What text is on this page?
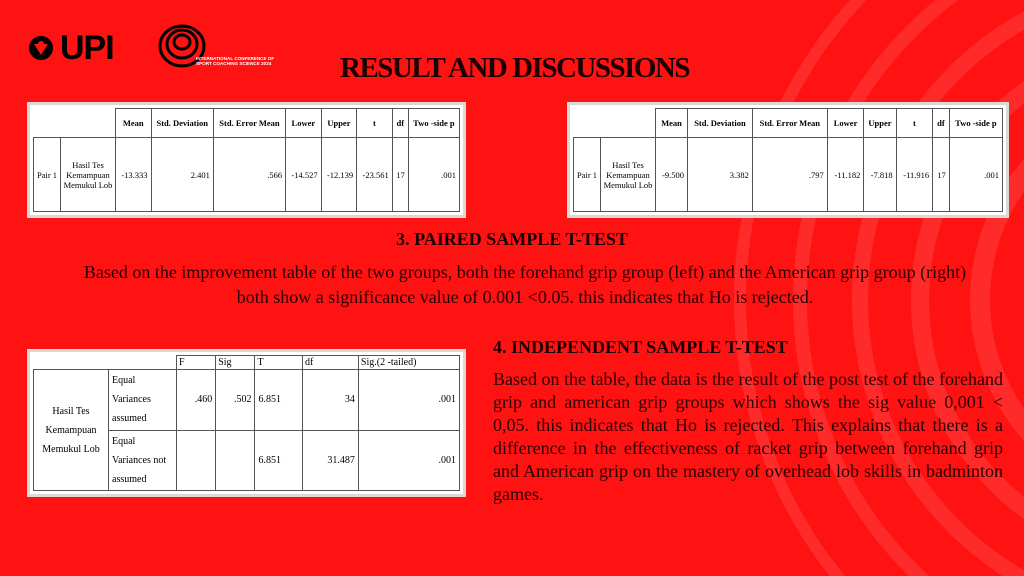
UPI	INTERNATIONAL CONFERENCE OF SPORT COACHING SCIENCE 2024	RESULT AND DISCUSSIONS
		Mean	Std. Deviation	Std. Error Mean	Lower	Upper	t	df	Two -side p
Pair 1	Hasil Tes Kemampuan Memukul Lob	-13.333	2.401	.566	-14.527	-12.139	-23.561	17	.001
		Mean	Std. Deviation	Std. Error Mean	Lower	Upper	t	df	Two -side p
Pair 1	Hasil Tes Kemampuan Memukul Lob	-9.500	3.382	.797	-11.182	-7.818	-11.916	17	.001
3. PAIRED SAMPLE T-TEST
Based on the improvement table of the two groups, both the forehand grip group (left) and the American grip group (right) both show a significance value of 0.001 <0.05. this indicates that Ho is rejected.
		F	Sig	T	df	Sig.(2 -tailed)
Hasil Tes Kemampuan Memukul Lob	Equal Variances assumed	.460	.502	6.851	34	.001
	Equal Variances not assumed			6.851	31.487	.001
4. INDEPENDENT SAMPLE T-TEST
Based on the table, the data is the result of the post test of the forehand grip and american grip groups which shows the sig value 0,001 < 0,05. this indicates that Ho is rejected. This explains that there is a difference in the effectiveness of racket grip between forehand grip and American grip on the mastery of overhead lob skills in badminton games.
